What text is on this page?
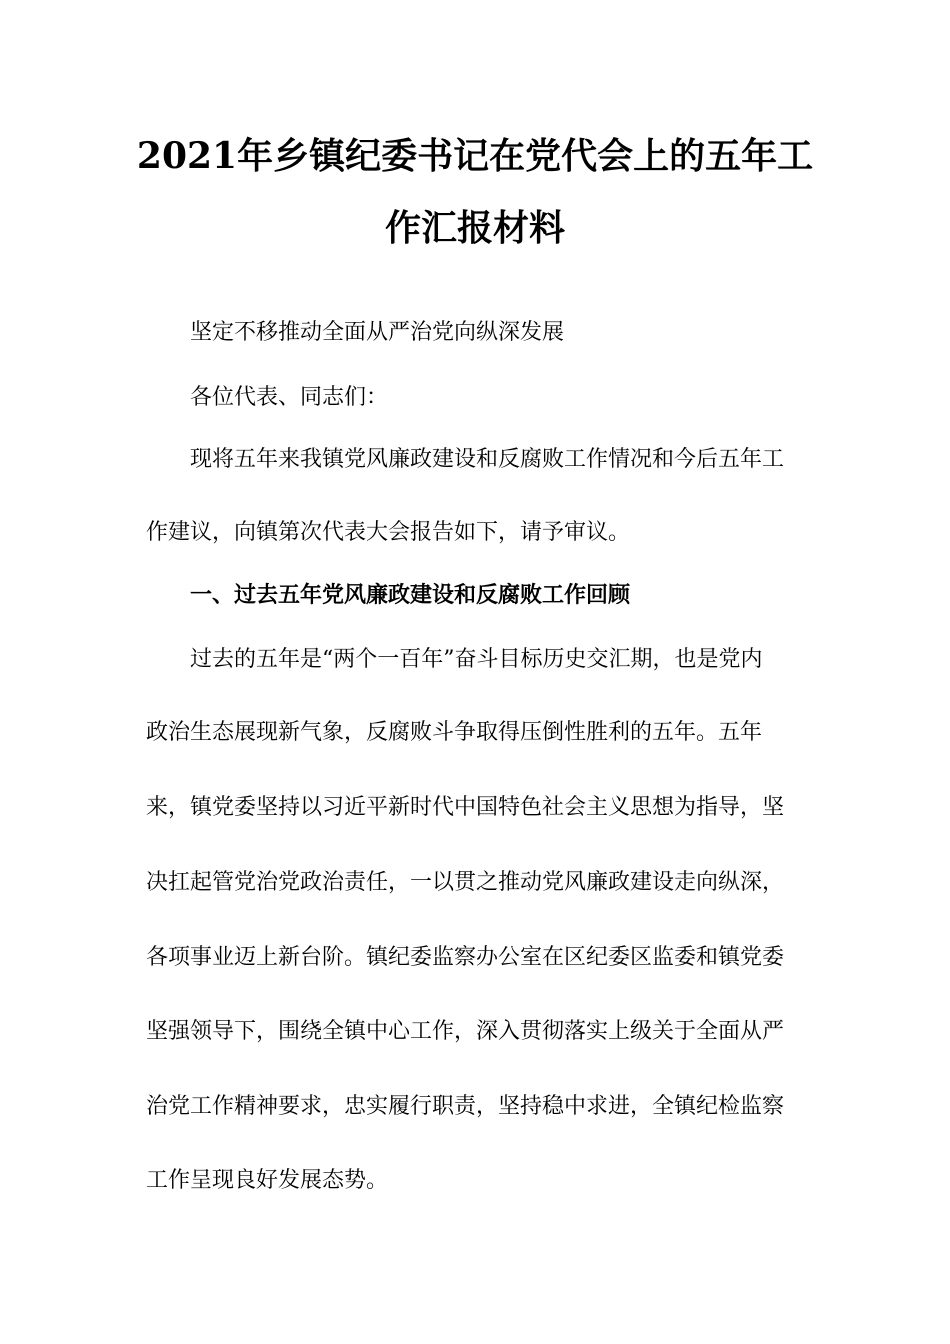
2021年乡镇纪委书记在党代会上的五年工
作汇报材料
坚定不移推动全面从严治党向纵深发展
各位代表、同志们：
现将五年来我镇党风廉政建设和反腐败工作情况和今后五年工
作建议，向镇第次代表大会报告如下，请予审议。
一、过去五年党风廉政建设和反腐败工作回顾
过去的五年是“两个一百年”奋斗目标历史交汇期，也是党内
政治生态展现新气象，反腐败斗争取得压倒性胜利的五年。五年
来，镇党委坚持以习近平新时代中国特色社会主义思想为指导，坚
决扛起管党治党政治责任，一以贯之推动党风廉政建设走向纵深，
各项事业迈上新台阶。镇纪委监察办公室在区纪委区监委和镇党委
坚强领导下，围绕全镇中心工作，深入贯彻落实上级关于全面从严
治党工作精神要求，忠实履行职责，坚持稳中求进，全镇纪检监察
工作呈现良好发展态势。
